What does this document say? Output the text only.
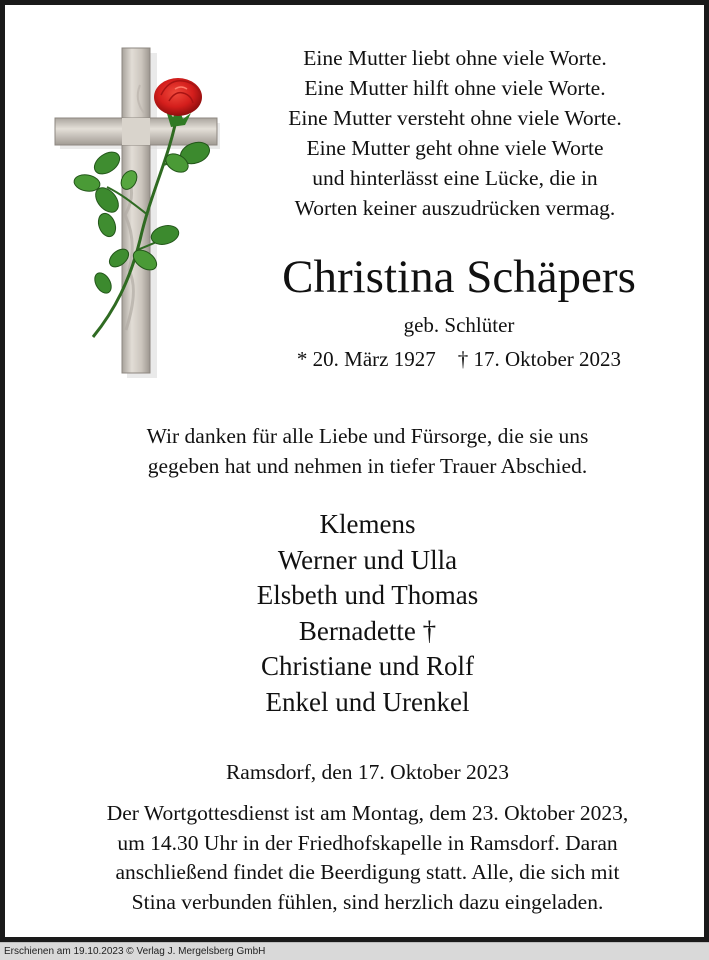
Eine Mutter liebt ohne viele Worte.
Eine Mutter hilft ohne viele Worte.
Eine Mutter versteht ohne viele Worte.
Eine Mutter geht ohne viele Worte
und hinterlässt eine Lücke, die in
Worten keiner auszudrücken vermag.
Christina Schäpers
geb. Schlüter
* 20. März 1927 † 17. Oktober 2023
Wir danken für alle Liebe und Fürsorge, die sie uns
gegeben hat und nehmen in tiefer Trauer Abschied.
Klemens
Werner und Ulla
Elsbeth und Thomas
Bernadette †
Christiane und Rolf
Enkel und Urenkel
Ramsdorf, den 17. Oktober 2023
Der Wortgottesdienst ist am Montag, dem 23. Oktober 2023,
um 14.30 Uhr in der Friedhofskapelle in Ramsdorf. Daran
anschließend findet die Beerdigung statt. Alle, die sich mit
Stina verbunden fühlen, sind herzlich dazu eingeladen.
Erschienen am 19.10.2023 © Verlag J. Mergelsberg GmbH
